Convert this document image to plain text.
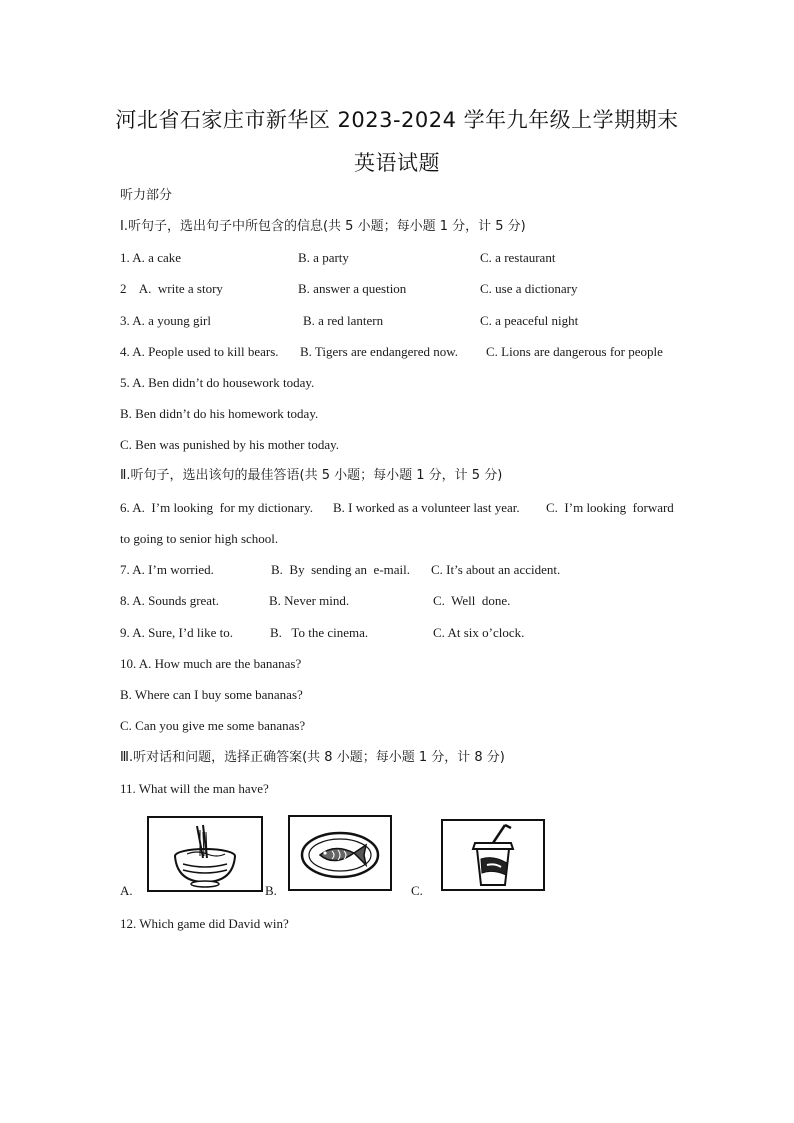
河北省石家庄市新华区 2023-2024 学年九年级上学期期末
英语试题
听力部分
Ⅰ.听句子，选出句子中所包含的信息(共 5 小题；每小题 1 分，计 5 分)
1. A. a cake	B. a party	C. a restaurant
2    A.  write a story	B. answer a question	C. use a dictionary
3. A. a young girl	B. a red lantern	C. a peaceful night
4. A. People used to kill bears. B. Tigers are endangered now. C. Lions are dangerous for people
5. A. Ben didn’t do housework today.
B. Ben didn’t do his homework today.
C. Ben was punished by his mother today.
Ⅱ.听句子，选出该句的最佳答语(共 5 小题；每小题 1 分，计 5 分)
6. A.  I’m looking  for my dictionary. B. I worked as a volunteer last year. C.  I’m looking  forward
to going to senior high school.
7. A. I’m worried.	B.  By  sending an  e-mail. C. It’s about an accident.
8. A. Sounds great.	B. Never mind.	C.  Well  done.
9. A. Sure, I’d like to.	B.   To the cinema.	C. At six o’clock.
10. A. How much are the bananas?
B. Where can I buy some bananas?
C. Can you give me some bananas?
Ⅲ.听对话和问题，选择正确答案(共 8 小题；每小题 1 分，计 8 分)
11. What will the man have?
A.	B.	C.
12. Which game did David win?
